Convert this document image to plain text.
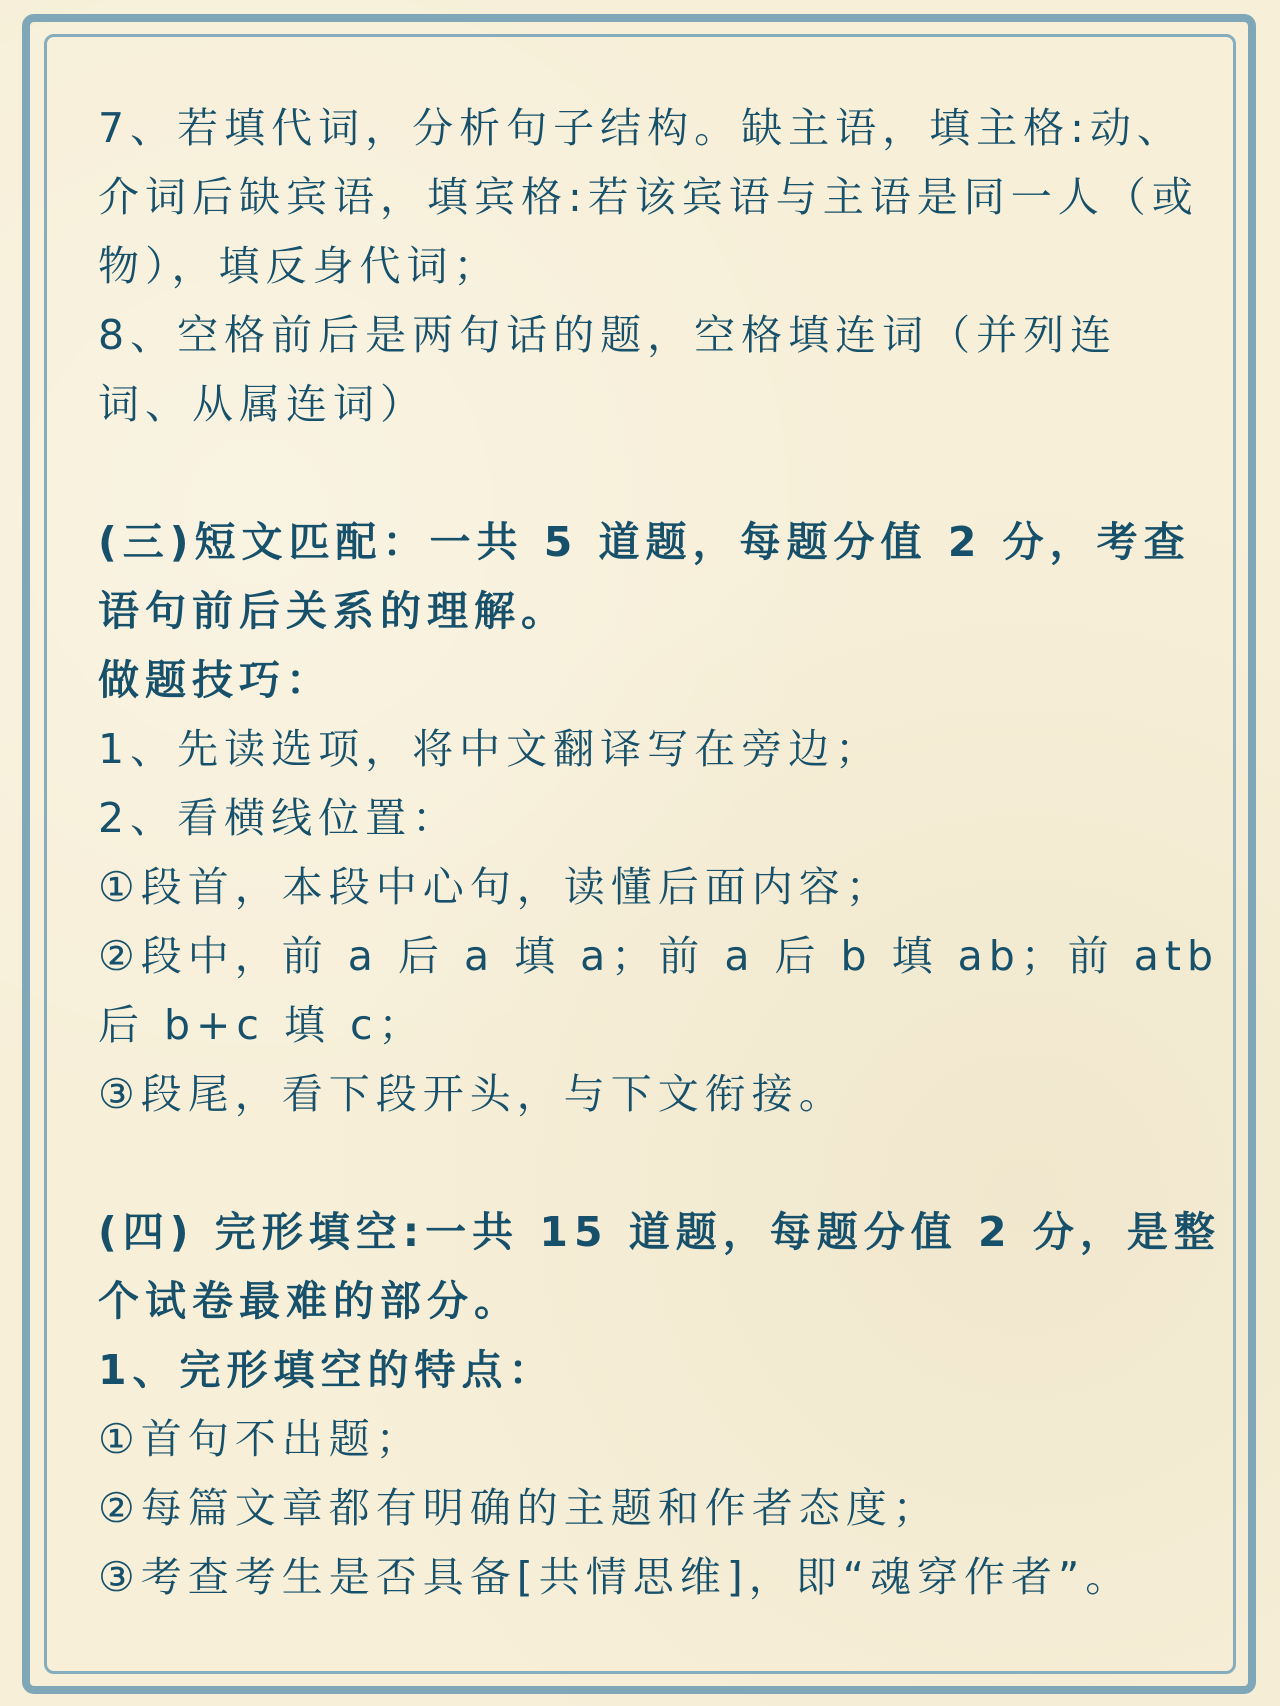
7、若填代词，分析句子结构。缺主语，填主格:动、
介词后缺宾语，填宾格:若该宾语与主语是同一人（或
物），填反身代词；
8、空格前后是两句话的题，空格填连词（并列连
词、从属连词）
(三)短文匹配：一共 5 道题，每题分值 2 分，考查
语句前后关系的理解。
做题技巧：
1、先读选项，将中文翻译写在旁边；
2、看横线位置：
①段首，本段中心句，读懂后面内容；
②段中，前 a 后 a 填 a；前 a 后 b 填 ab；前 atb
后 b+c 填 c；
③段尾，看下段开头，与下文衔接。
(四) 完形填空:一共 15 道题，每题分值 2 分，是整
个试卷最难的部分。
1、完形填空的特点：
①首句不出题；
②每篇文章都有明确的主题和作者态度；
③考查考生是否具备[共情思维]，即“魂穿作者”。
